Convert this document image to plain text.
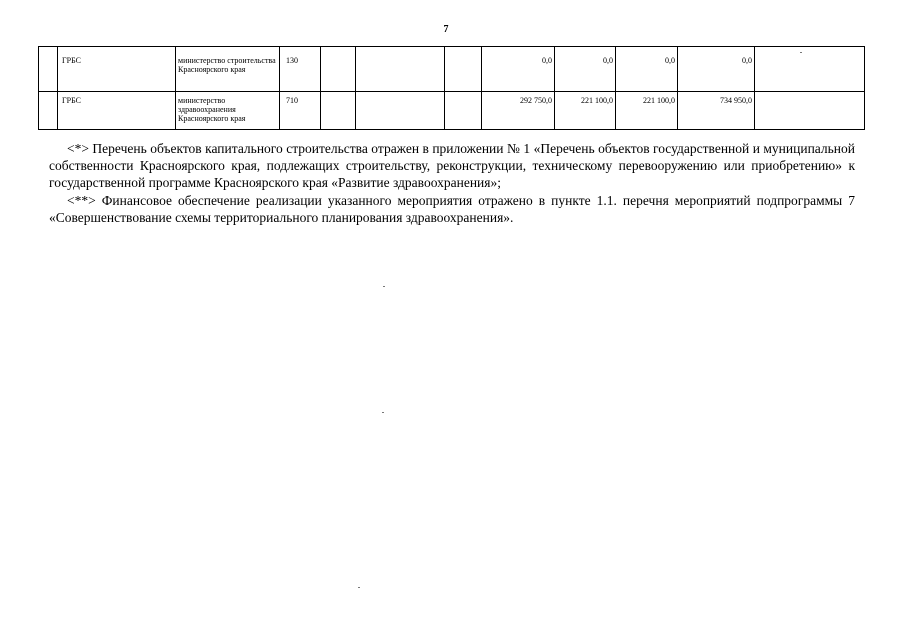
7
	ГРБС	министерство строительства Красноярского края	130				0,0	0,0	0,0	0,0	
	ГРБС	министерство здравоохранения Красноярского края	710				292 750,0	221 100,0	221 100,0	734 950,0	

<*> Перечень объектов капитального строительства отражен в приложении № 1 «Перечень объектов государственной и муниципальной собственности Красноярского края, подлежащих строительству, реконструкции, техническому перевооружению или приобретению» к государственной программе Красноярского края «Развитие здравоохранения»;

<**> Финансовое обеспечение реализации указанного мероприятия отражено в пункте 1.1. перечня мероприятий подпрограммы 7 «Совершенствование схемы территориального планирования здравоохранения».
